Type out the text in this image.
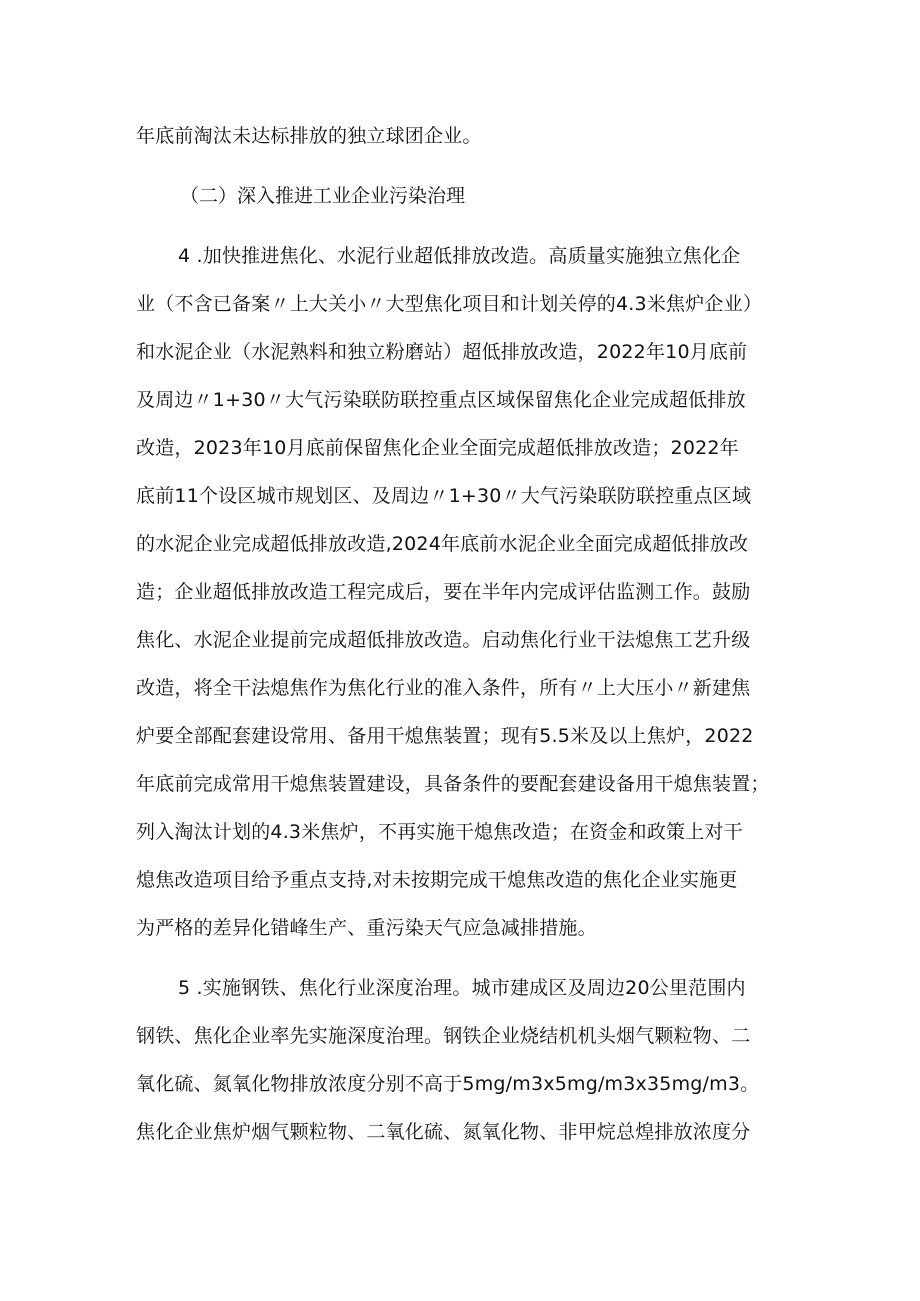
年底前淘汰未达标排放的独立球团企业。
（二）深入推进工业企业污染治理
4 .加快推进焦化、水泥行业超低排放改造。高质量实施独立焦化企
业（不含已备案〃上大关小〃大型焦化项目和计划关停的4.3米焦炉企业）
和水泥企业（水泥熟料和独立粉磨站）超低排放改造，2022年10月底前
及周边〃1+30〃大气污染联防联控重点区域保留焦化企业完成超低排放
改造，2023年10月底前保留焦化企业全面完成超低排放改造；2022年
底前11个设区城市规划区、及周边〃1+30〃大气污染联防联控重点区域
的水泥企业完成超低排放改造,2024年底前水泥企业全面完成超低排放改
造；企业超低排放改造工程完成后，要在半年内完成评估监测工作。鼓励
焦化、水泥企业提前完成超低排放改造。启动焦化行业干法熄焦工艺升级
改造，将全干法熄焦作为焦化行业的准入条件，所有〃上大压小〃新建焦
炉要全部配套建设常用、备用干熄焦装置；现有5.5米及以上焦炉，2022
年底前完成常用干熄焦装置建设，具备条件的要配套建设备用干熄焦装置；
列入淘汰计划的4.3米焦炉，不再实施干熄焦改造；在资金和政策上对干
熄焦改造项目给予重点支持,对未按期完成干熄焦改造的焦化企业实施更
为严格的差异化错峰生产、重污染天气应急减排措施。
5 .实施钢铁、焦化行业深度治理。城市建成区及周边20公里范围内
钢铁、焦化企业率先实施深度治理。钢铁企业烧结机机头烟气颗粒物、二
氧化硫、氮氧化物排放浓度分别不高于5mg/m3x5mg/m3x35mg/m3。
焦化企业焦炉烟气颗粒物、二氧化硫、氮氧化物、非甲烷总煌排放浓度分
